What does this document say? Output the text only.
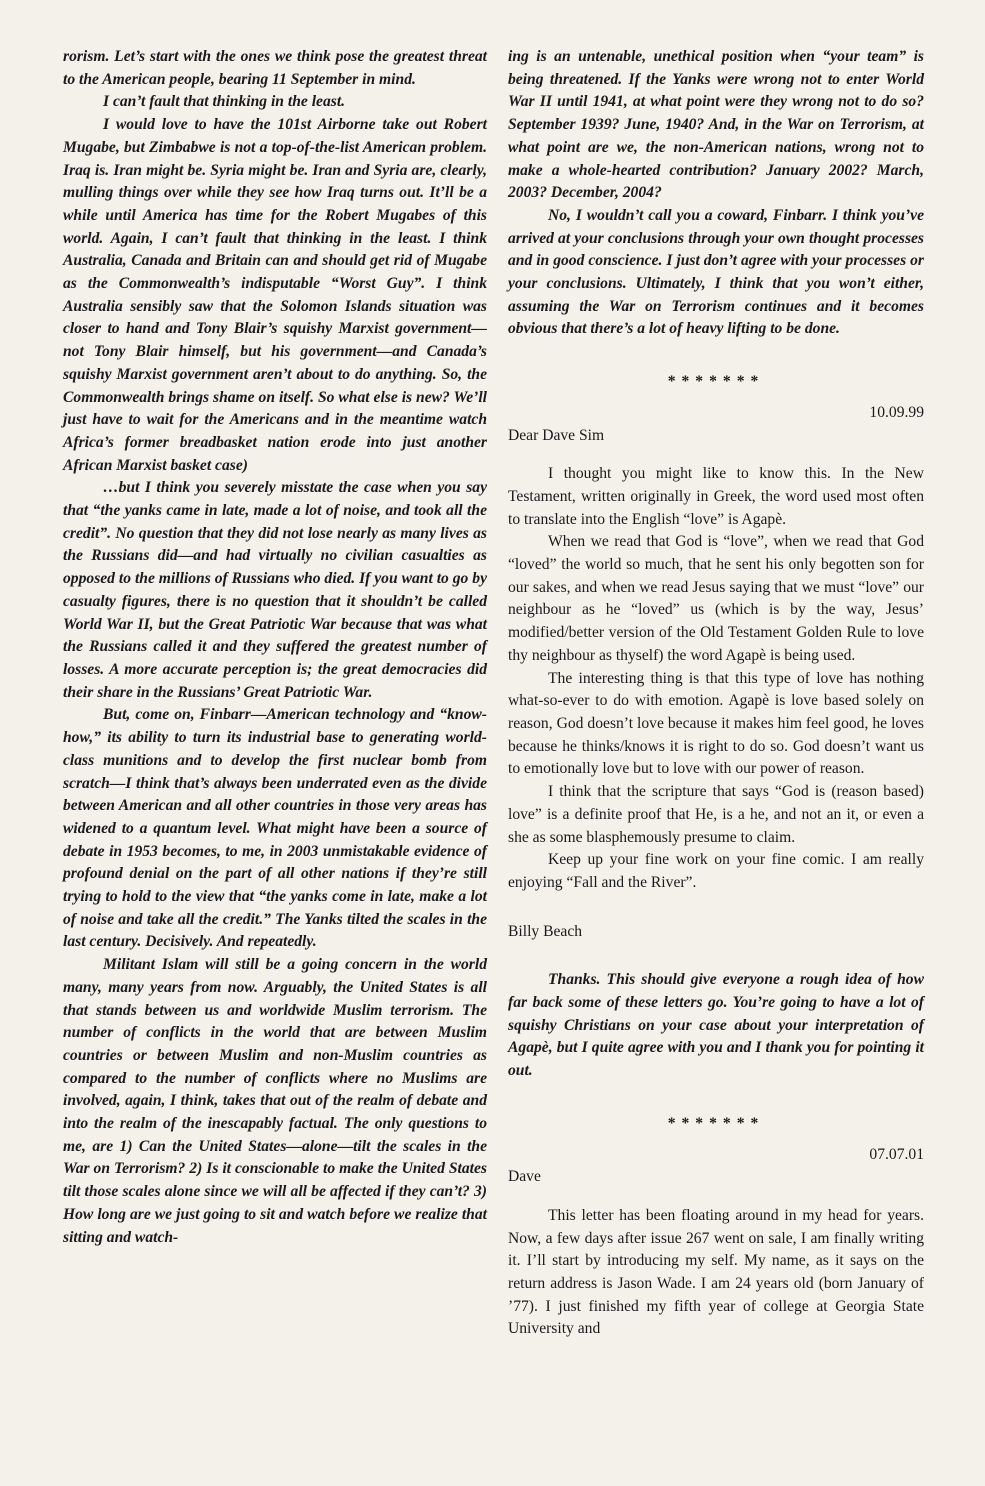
rorism. Let’s start with the ones we think pose the greatest threat to the American people, bearing 11 September in mind.

I can’t fault that thinking in the least.

I would love to have the 101st Airborne take out Robert Mugabe, but Zimbabwe is not a top-of-the-list American problem. Iraq is. Iran might be. Syria might be. Iran and Syria are, clearly, mulling things over while they see how Iraq turns out. It’ll be a while until America has time for the Robert Mugabes of this world. Again, I can’t fault that thinking in the least. I think Australia, Canada and Britain can and should get rid of Mugabe as the Commonwealth’s indisputable “Worst Guy”. I think Australia sensibly saw that the Solomon Islands situation was closer to hand and Tony Blair’s squishy Marxist government—not Tony Blair himself, but his government—and Canada’s squishy Marxist government aren’t about to do anything. So, the Commonwealth brings shame on itself. So what else is new? We’ll just have to wait for the Americans and in the meantime watch Africa’s former breadbasket nation erode into just another African Marxist basket case)

…but I think you severely misstate the case when you say that “the yanks came in late, made a lot of noise, and took all the credit”. No question that they did not lose nearly as many lives as the Russians did—and had virtually no civilian casualties as opposed to the millions of Russians who died. If you want to go by casualty figures, there is no question that it shouldn’t be called World War II, but the Great Patriotic War because that was what the Russians called it and they suffered the greatest number of losses. A more accurate perception is; the great democracies did their share in the Russians’ Great Patriotic War.

But, come on, Finbarr—American technology and “know-how,” its ability to turn its industrial base to generating world-class munitions and to develop the first nuclear bomb from scratch—I think that’s always been underrated even as the divide between American and all other countries in those very areas has widened to a quantum level. What might have been a source of debate in 1953 becomes, to me, in 2003 unmistakable evidence of profound denial on the part of all other nations if they’re still trying to hold to the view that “the yanks come in late, make a lot of noise and take all the credit.” The Yanks tilted the scales in the last century. Decisively. And repeatedly.

Militant Islam will still be a going concern in the world many, many years from now. Arguably, the United States is all that stands between us and worldwide Muslim terrorism. The number of conflicts in the world that are between Muslim countries or between Muslim and non-Muslim countries as compared to the number of conflicts where no Muslims are involved, again, I think, takes that out of the realm of debate and into the realm of the inescapably factual. The only questions to me, are 1) Can the United States—alone—tilt the scales in the War on Terrorism? 2) Is it conscionable to make the United States tilt those scales alone since we will all be affected if they can’t? 3) How long are we just going to sit and watch before we realize that sitting and watch-

ing is an untenable, unethical position when “your team” is being threatened. If the Yanks were wrong not to enter World War II until 1941, at what point were they wrong not to do so? September 1939? June, 1940? And, in the War on Terrorism, at what point are we, the non-American nations, wrong not to make a whole-hearted contribution? January 2002? March, 2003? December, 2004?

No, I wouldn’t call you a coward, Finbarr. I think you’ve arrived at your conclusions through your own thought processes and in good conscience. I just don’t agree with your processes or your conclusions. Ultimately, I think that you won’t either, assuming the War on Terrorism continues and it becomes obvious that there’s a lot of heavy lifting to be done.

*******

10.09.99

Dear Dave Sim

I thought you might like to know this. In the New Testament, written originally in Greek, the word used most often to translate into the English “love” is Agapè.

When we read that God is “love”, when we read that God “loved” the world so much, that he sent his only begotten son for our sakes, and when we read Jesus saying that we must “love” our neighbour as he “loved” us (which is by the way, Jesus’ modified/better version of the Old Testament Golden Rule to love thy neighbour as thyself) the word Agapè is being used.

The interesting thing is that this type of love has nothing what-so-ever to do with emotion. Agapè is love based solely on reason, God doesn’t love because it makes him feel good, he loves because he thinks/knows it is right to do so. God doesn’t want us to emotionally love but to love with our power of reason.

I think that the scripture that says “God is (reason based) love” is a definite proof that He, is a he, and not an it, or even a she as some blasphemously presume to claim.

Keep up your fine work on your fine comic. I am really enjoying “Fall and the River”.

Billy Beach

Thanks. This should give everyone a rough idea of how far back some of these letters go. You’re going to have a lot of squishy Christians on your case about your interpretation of Agapè, but I quite agree with you and I thank you for pointing it out.

*******

07.07.01

Dave

This letter has been floating around in my head for years. Now, a few days after issue 267 went on sale, I am finally writing it. I’ll start by introducing my self. My name, as it says on the return address is Jason Wade. I am 24 years old (born January of ’77). I just finished my fifth year of college at Georgia State University and
